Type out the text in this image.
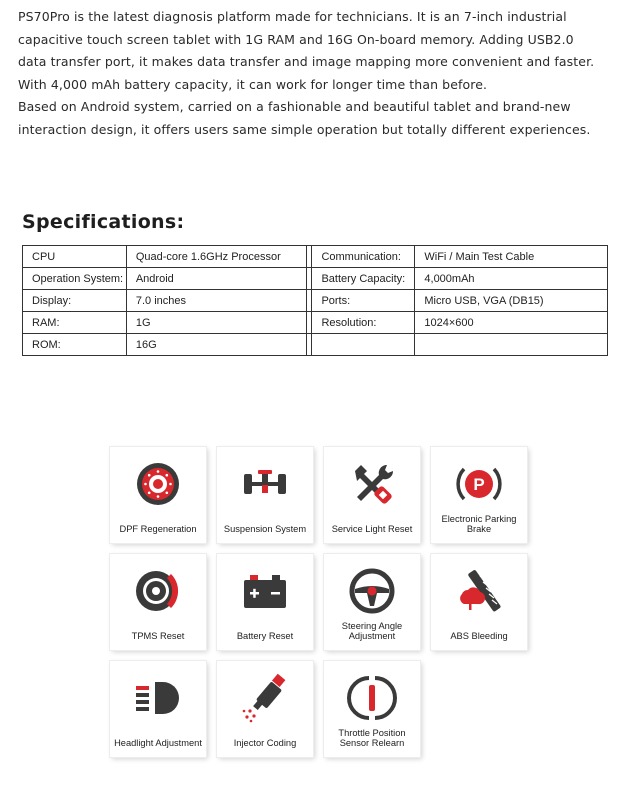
PS70Pro is the latest diagnosis platform made for technicians. It is an 7-inch industrial

capacitive touch screen tablet with 1G RAM and 16G On-board memory. Adding USB2.0

data transfer port, it makes data transfer and image mapping more convenient and faster.

With 4,000 mAh battery capacity, it can work for longer time than before.

Based on Android system, carried on a fashionable and beautiful tablet and brand-new

interaction design, it offers users same simple operation but totally different experiences.

Specifications:
CPU	Quad-core 1.6GHz Processor		Communication:	WiFi / Main Test Cable
Operation System:	Android		Battery Capacity:	4,000mAh
Display:	7.0 inches		Ports:	Micro USB, VGA (DB15)
RAM:	1G		Resolution:	1024×600
ROM:	16G			
DPF Regeneration	Suspension System	Service Light Reset
P
Electronic Parking Brake
TPMS Reset	Battery Reset
Steering Angle Adjustment	ABS Bleeding
Headlight Adjustment	Injector Coding
Throttle Position Sensor Relearn
